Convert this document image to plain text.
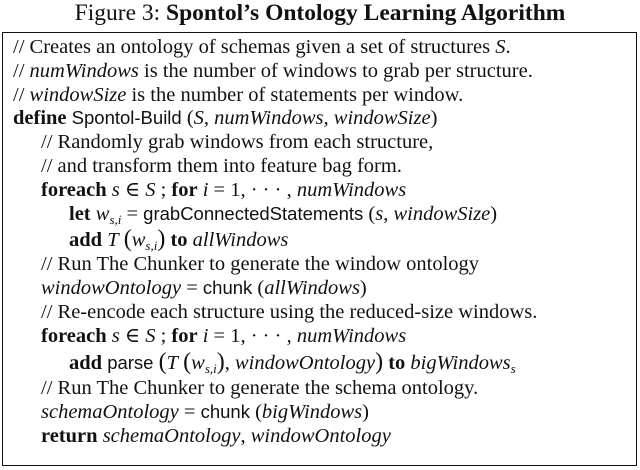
Figure 3: Spontol’s Ontology Learning Algorithm
// Creates an ontology of schemas given a set of structures S.
// numWindows is the number of windows to grab per structure.
// windowSize is the number of statements per window.
define Spontol-Build (S, numWindows, windowSize)
// Randomly grab windows from each structure,
// and transform them into feature bag form.
foreach s ∈ S ; for i = 1, · · · , numWindows
let $w_{s,i}$ = grabConnectedStatements (s, windowSize)
add T $(w_{s,i})$ to allWindows
// Run The Chunker to generate the window ontology
windowOntology = chunk (allWindows)
// Re-encode each structure using the reduced-size windows.
foreach s ∈ S ; for i = 1, · · · , numWindows
add parse (T $(w_{s,i})$, windowOntology) to bigWindows$_s$
// Run The Chunker to generate the schema ontology.
schemaOntology = chunk (bigWindows)
return schemaOntology, windowOntology
